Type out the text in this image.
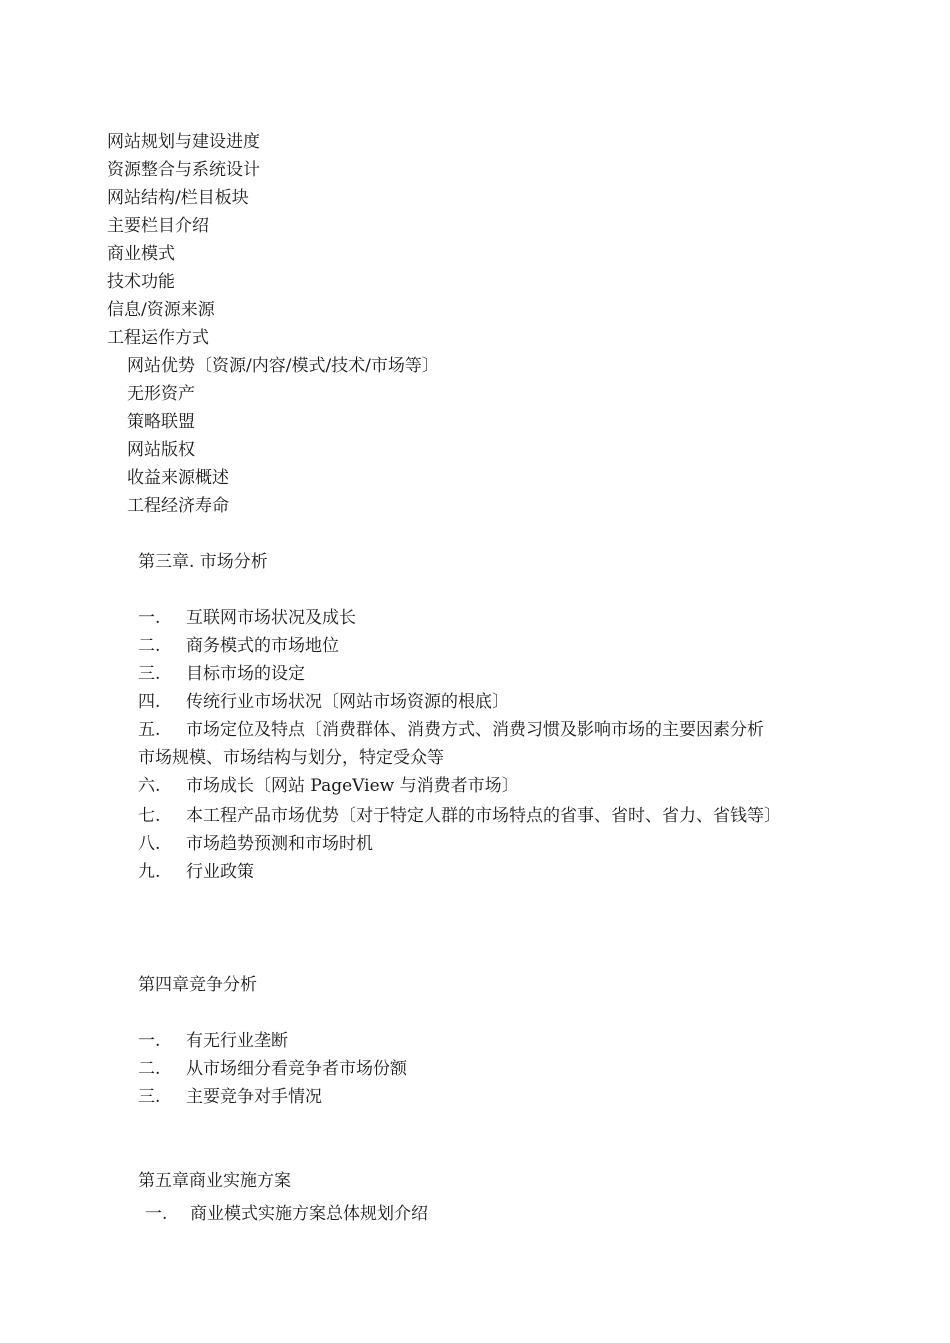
网站规划与建设进度
资源整合与系统设计
网站结构/栏目板块
主要栏目介绍
商业模式
技术功能
信息/资源来源
工程运作方式
网站优势〔资源/内容/模式/技术/市场等〕
无形资产
策略联盟
网站版权
收益来源概述
工程经济寿命
第三章. 市场分析
一. 互联网市场状况及成长
二. 商务模式的市场地位
三. 目标市场的设定
四. 传统行业市场状况〔网站市场资源的根底〕
五. 市场定位及特点〔消费群体、消费方式、消费习惯及影响市场的主要因素分析
市场规模、市场结构与划分，特定受众等
六. 市场成长〔网站 PageView 与消费者市场〕
七. 本工程产品市场优势〔对于特定人群的市场特点的省事、省时、省力、省钱等〕
八. 市场趋势预测和市场时机
九. 行业政策
第四章竞争分析
一. 有无行业垄断
二. 从市场细分看竞争者市场份额
三. 主要竞争对手情况
第五章商业实施方案
一. 商业模式实施方案总体规划介绍
